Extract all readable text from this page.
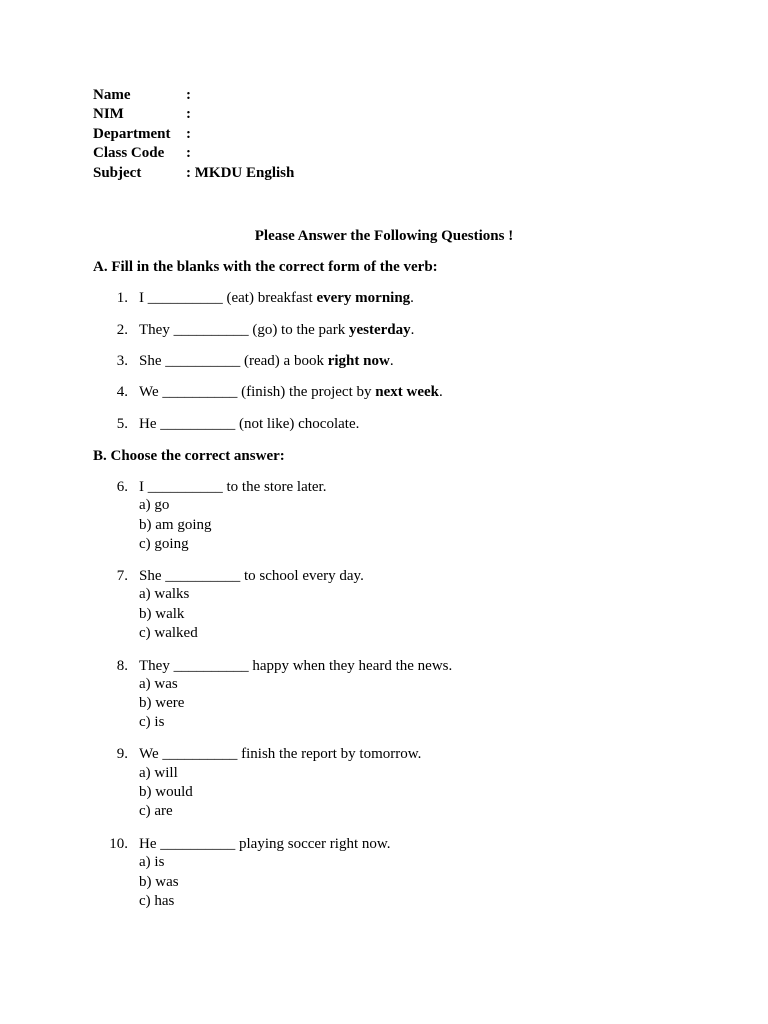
Name	:
NIM	:
Department :
Class Code :
Subject	: MKDU English
Please Answer the Following Questions !
A. Fill in the blanks with the correct form of the verb:
1. I __________ (eat) breakfast every morning.
2. They __________ (go) to the park yesterday.
3. She __________ (read) a book right now.
4. We __________ (finish) the project by next week.
5. He __________ (not like) chocolate.
B. Choose the correct answer:
6. I __________ to the store later.
a) go
b) am going
c) going
7. She __________ to school every day.
a) walks
b) walk
c) walked
8. They __________ happy when they heard the news.
a) was
b) were
c) is
9. We __________ finish the report by tomorrow.
a) will
b) would
c) are
10. He __________ playing soccer right now.
a) is
b) was
c) has
